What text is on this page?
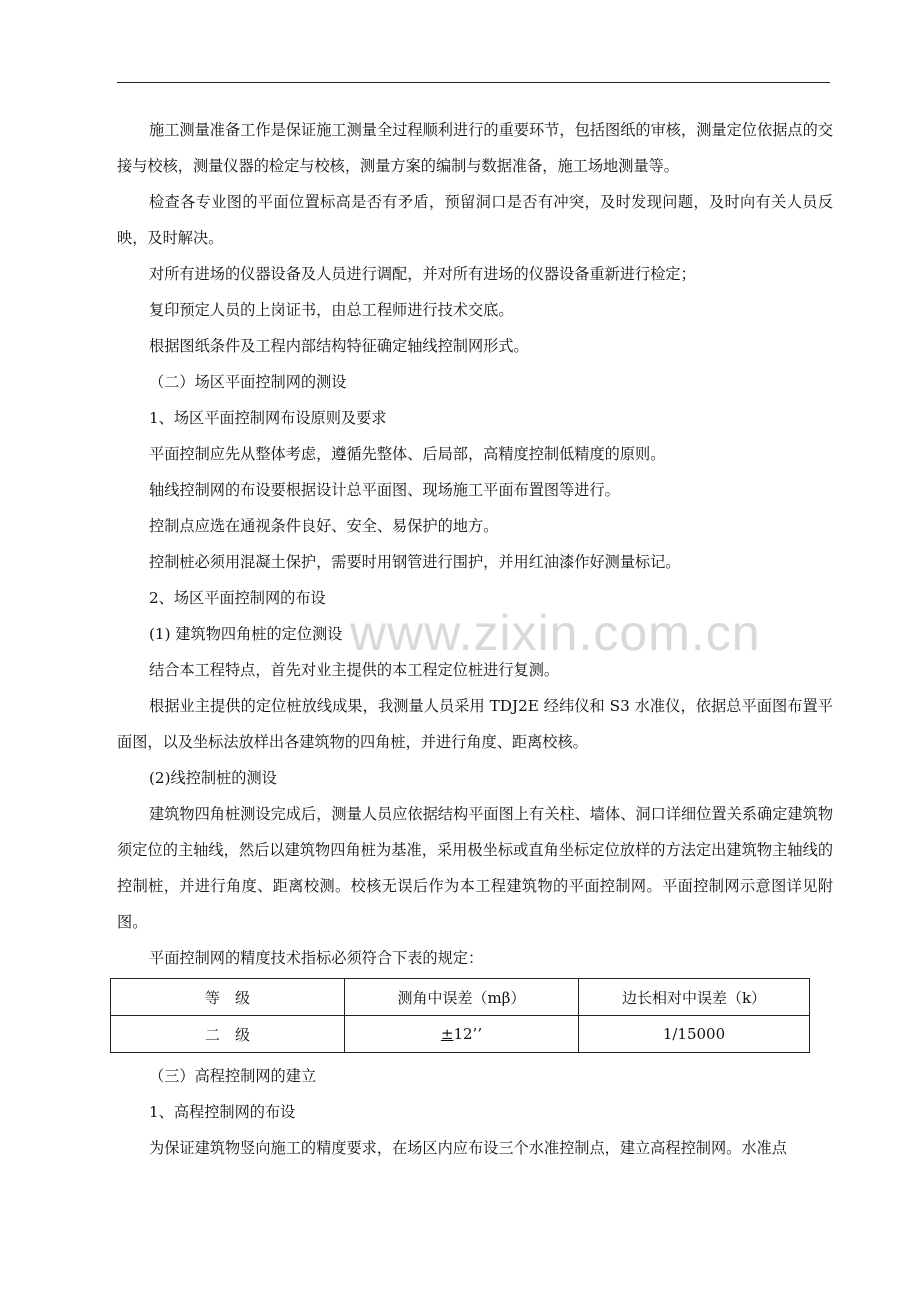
www.zixin.com.cn

施工测量准备工作是保证施工测量全过程顺利进行的重要环节，包括图纸的审核，测量定位依据点的交接与校核，测量仪器的检定与校核，测量方案的编制与数据准备，施工场地测量等。

检查各专业图的平面位置标高是否有矛盾，预留洞口是否有冲突，及时发现问题，及时向有关人员反映，及时解决。

对所有进场的仪器设备及人员进行调配，并对所有进场的仪器设备重新进行检定；

复印预定人员的上岗证书，由总工程师进行技术交底。

根据图纸条件及工程内部结构特征确定轴线控制网形式。

（二）场区平面控制网的测设

1、场区平面控制网布设原则及要求

平面控制应先从整体考虑，遵循先整体、后局部，高精度控制低精度的原则。

轴线控制网的布设要根据设计总平面图、现场施工平面布置图等进行。

控制点应选在通视条件良好、安全、易保护的地方。

控制桩必须用混凝土保护，需要时用钢管进行围护，并用红油漆作好测量标记。

2、场区平面控制网的布设

(1) 建筑物四角桩的定位测设

结合本工程特点，首先对业主提供的本工程定位桩进行复测。

根据业主提供的定位桩放线成果，我测量人员采用 TDJ2E 经纬仪和 S3 水准仪，依据总平面图布置平面图，以及坐标法放样出各建筑物的四角桩，并进行角度、距离校核。

(2)线控制桩的测设

建筑物四角桩测设完成后，测量人员应依据结构平面图上有关柱、墙体、洞口详细位置关系确定建筑物须定位的主轴线，然后以建筑物四角桩为基准，采用极坐标或直角坐标定位放样的方法定出建筑物主轴线的控制桩，并进行角度、距离校测。校核无误后作为本工程建筑物的平面控制网。平面控制网示意图详见附图。

平面控制网的精度技术指标必须符合下表的规定：

等　级	测角中误差（mβ）	边长相对中误差（k）
二　级	±12’’	1/15000

（三）高程控制网的建立

1、高程控制网的布设

为保证建筑物竖向施工的精度要求，在场区内应布设三个水准控制点，建立高程控制网。水准点
